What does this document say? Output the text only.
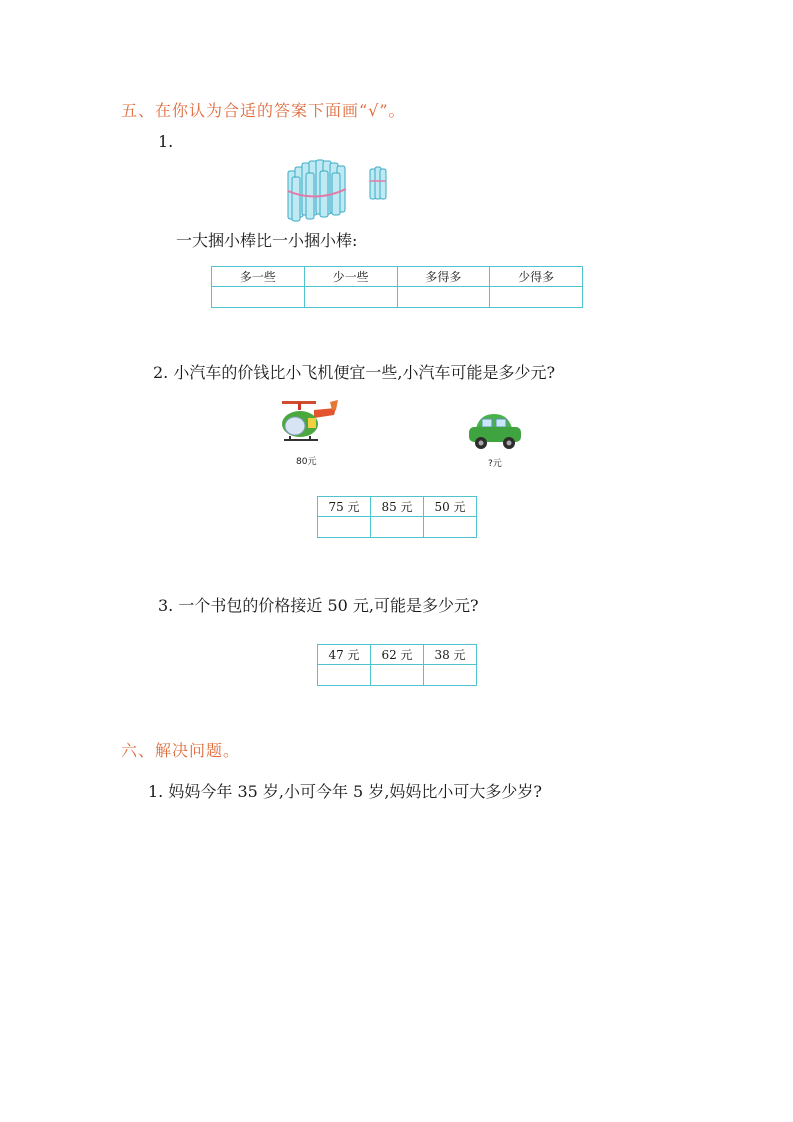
五、在你认为合适的答案下面画“√”。
1.
一大捆小棒比一小捆小棒:
多一些	少一些	多得多	少得多

2. 小汽车的价钱比小飞机便宜一些,小汽车可能是多少元?
80元	?元
75 元	85 元	50 元

3. 一个书包的价格接近 50 元,可能是多少元?
47 元	62 元	38 元

六、解决问题。
1. 妈妈今年 35 岁,小可今年 5 岁,妈妈比小可大多少岁?
